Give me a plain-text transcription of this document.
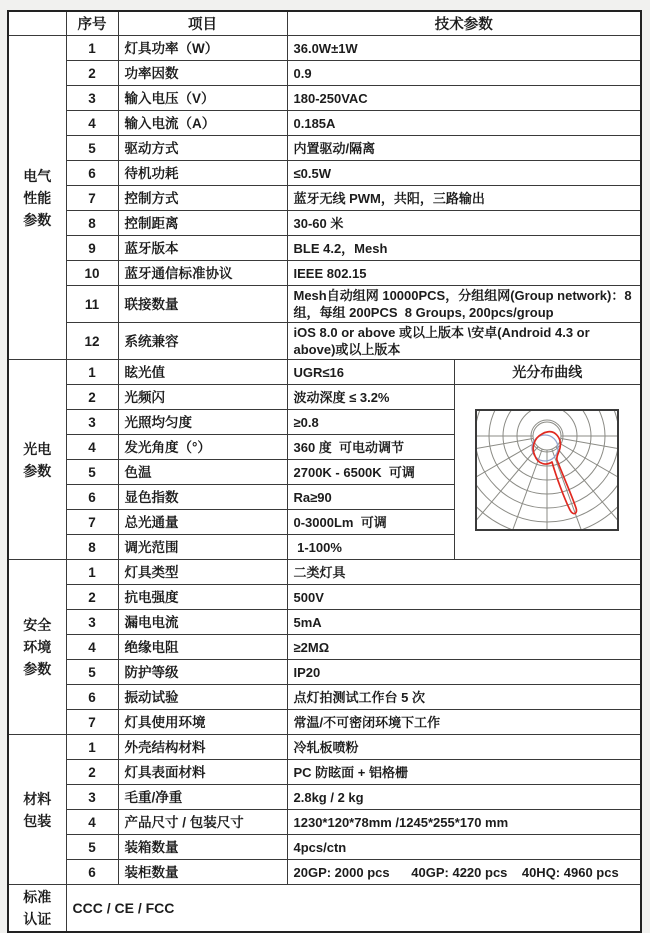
	序号	项目	技术参数	

电气性能参数	1	灯具功率（W）	36.0W±1W	
	2	功率因数	0.9	
	3	输入电压（V）	180-250VAC	
	4	输入电流（A）	0.185A	
	5	驱动方式	内置驱动/隔离	
	6	待机功耗	≤0.5W	
	7	控制方式	蓝牙无线 PWM，共阳，三路输出	
	8	控制距离	30-60 米	
	9	蓝牙版本	BLE 4.2，Mesh	
	10	蓝牙通信标准协议	IEEE 802.15	
	11	联接数量	Mesh自动组网 10000PCS，分组组网(Group network)：8 组，每组 200PCS  8 Groups, 200pcs/group	
	12	系统兼容	iOS 8.0 or above 或以上版本 \安卓(Android 4.3 or above)或以上版本	

光电参数	1	眩光值	UGR≤16	光分布曲线
	2	光频闪	波动深度 ≤ 3.2%	
	3	光照均匀度	≥0.8	
	4	发光角度（°）	360 度  可电动调节	
	5	色温	2700K - 6500K  可调	
	6	显色指数	Ra≥90	
	7	总光通量	0-3000Lm  可调	
	8	调光范围	1-100%	

安全环境参数	1	灯具类型	二类灯具	
	2	抗电强度	500V	
	3	漏电电流	5mA	
	4	绝缘电阻	≥2MΩ	
	5	防护等级	IP20	
	6	振动试验	点灯拍测试工作台 5 次	
	7	灯具使用环境	常温/不可密闭环境下工作	

材料包装	1	外壳结构材料	冷轧板喷粉	
	2	灯具表面材料	PC 防眩面 + 铝格栅	
	3	毛重/净重	2.8kg / 2 kg	
	4	产品尺寸 / 包装尺寸	1230*120*78mm /1245*255*170 mm	
	5	装箱数量	4pcs/ctn	
	6	装柜数量	20GP: 2000 pcs      40GP: 4220 pcs    40HQ: 4960 pcs	

标准认证	CCC / CE / FCC			
